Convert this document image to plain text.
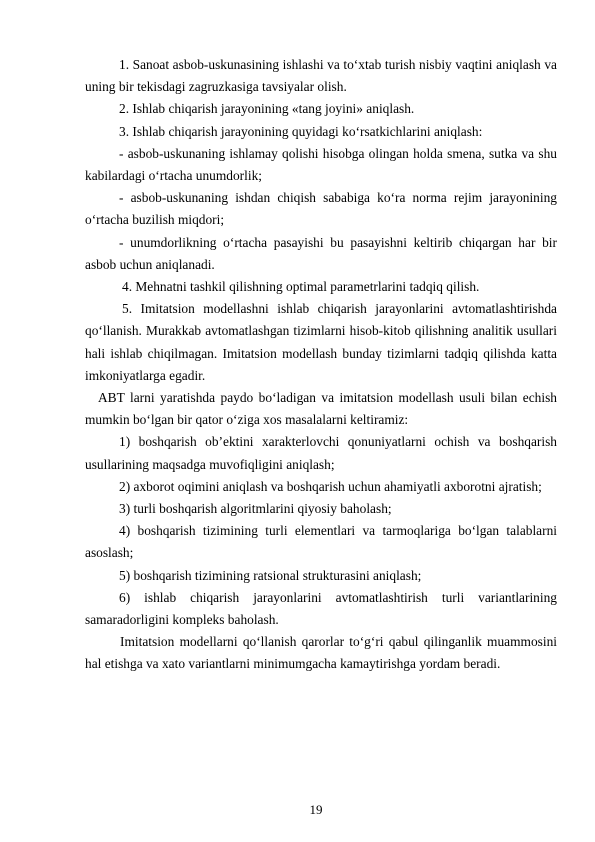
1. Sanoat asbob-uskunasining ishlashi va to‘xtab turish nisbiy vaqtini aniqlash va uning bir tekisdagi zagruzkasiga tavsiyalar olish.

2. Ishlab chiqarish jarayonining «tang joyini» aniqlash.

3. Ishlab chiqarish jarayonining quyidagi ko‘rsatkichlarini aniqlash:

- asbob-uskunaning ishlamay qolishi hisobga olingan holda smena, sutka va shu kabilardagi o‘rtacha unumdorlik;

- asbob-uskunaning ishdan chiqish sababiga ko‘ra norma rejim jarayonining o‘rtacha buzilish miqdori;

- unumdorlikning o‘rtacha pasayishi bu pasayishni keltirib chiqargan har bir asbob uchun aniqlanadi.

4. Mehnatni tashkil qilishning optimal parametrlarini tadqiq qilish.

5. Imitatsion modellashni ishlab chiqarish jarayonlarini avtomatlashtirishda qo‘llanish. Murakkab avtomatlashgan tizimlarni hisob-kitob qilishning analitik usullari hali ishlab chiqilmagan. Imitatsion modellash bunday tizimlarni tadqiq qilishda katta imkoniyatlarga egadir.

ABT larni yaratishda paydo bo‘ladigan va imitatsion modellash usuli bilan echish mumkin bo‘lgan bir qator o‘ziga xos masalalarni keltiramiz:

1) boshqarish ob’ektini xarakterlovchi qonuniyatlarni ochish va boshqarish usullarining maqsadga muvofiqligini aniqlash;

2) axborot oqimini aniqlash va boshqarish uchun ahamiyatli axborotni ajratish;

3) turli boshqarish algoritmlarini qiyosiy baholash;

4) boshqarish tizimining turli elementlari va tarmoqlariga bo‘lgan talablarni asoslash;

5) boshqarish tizimining ratsional strukturasini aniqlash;

6) ishlab chiqarish jarayonlarini avtomatlashtirish turli variantlarining samaradorligini kompleks baholash.

Imitatsion modellarni qo‘llanish qarorlar to‘g‘ri qabul qilinganlik muammosini hal etishga va xato variantlarni minimumgacha kamaytirishga yordam beradi.

19
